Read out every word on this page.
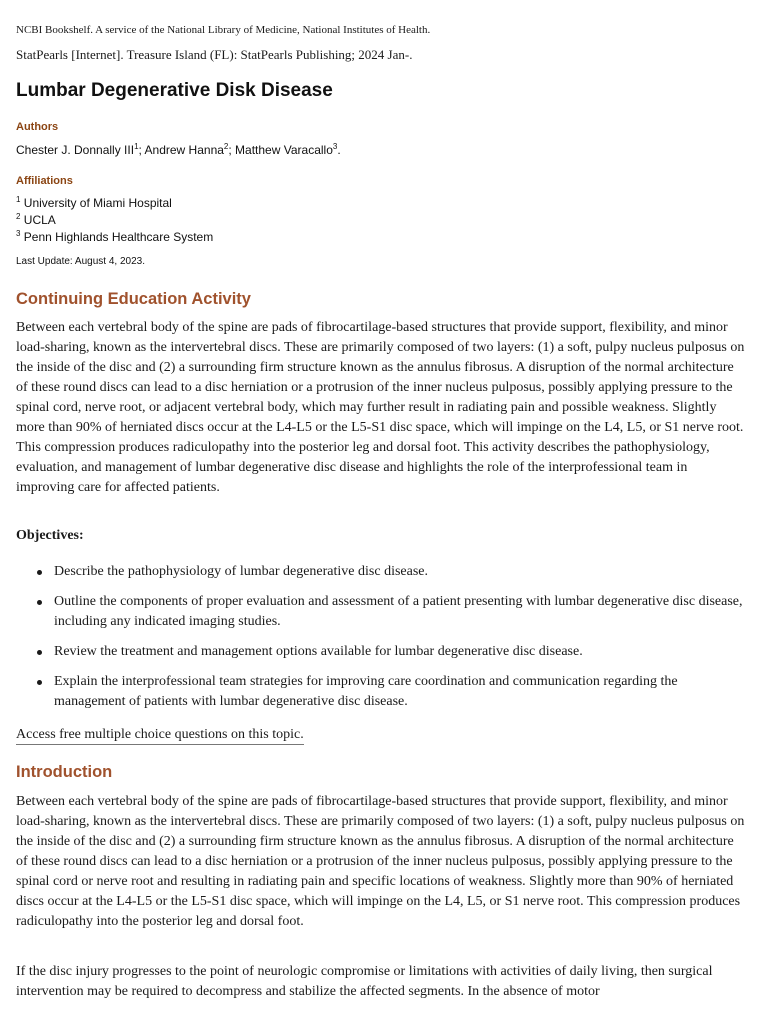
NCBI Bookshelf. A service of the National Library of Medicine, National Institutes of Health.
StatPearls [Internet]. Treasure Island (FL): StatPearls Publishing; 2024 Jan-.
Lumbar Degenerative Disk Disease
Authors
Chester J. Donnally III$^1$; Andrew Hanna$^2$; Matthew Varacallo$^3$.
Affiliations
$^1$ University of Miami Hospital
$^2$ UCLA
$^3$ Penn Highlands Healthcare System
Last Update: August 4, 2023.
Continuing Education Activity

Between each vertebral body of the spine are pads of fibrocartilage-based structures that provide support, flexibility, and minor load-sharing, known as the intervertebral discs. These are primarily composed of two layers: (1) a soft, pulpy nucleus pulposus on the inside of the disc and (2) a surrounding firm structure known as the annulus fibrosus. A disruption of the normal architecture of these round discs can lead to a disc herniation or a protrusion of the inner nucleus pulposus, possibly applying pressure to the spinal cord, nerve root, or adjacent vertebral body, which may further result in radiating pain and possible weakness. Slightly more than 90% of herniated discs occur at the L4-L5 or the L5-S1 disc space, which will impinge on the L4, L5, or S1 nerve root. This compression produces radiculopathy into the posterior leg and dorsal foot. This activity describes the pathophysiology, evaluation, and management of lumbar degenerative disc disease and highlights the role of the interprofessional team in improving care for affected patients.

Objectives:
Describe the pathophysiology of lumbar degenerative disc disease.
Outline the components of proper evaluation and assessment of a patient presenting with lumbar degenerative disc disease, including any indicated imaging studies.
Review the treatment and management options available for lumbar degenerative disc disease.
Explain the interprofessional team strategies for improving care coordination and communication regarding the management of patients with lumbar degenerative disc disease.
Access free multiple choice questions on this topic.
Introduction

Between each vertebral body of the spine are pads of fibrocartilage-based structures that provide support, flexibility, and minor load-sharing, known as the intervertebral discs. These are primarily composed of two layers: (1) a soft, pulpy nucleus pulposus on the inside of the disc and (2) a surrounding firm structure known as the annulus fibrosus. A disruption of the normal architecture of these round discs can lead to a disc herniation or a protrusion of the inner nucleus pulposus, possibly applying pressure to the spinal cord or nerve root and resulting in radiating pain and specific locations of weakness. Slightly more than 90% of herniated discs occur at the L4-L5 or the L5-S1 disc space, which will impinge on the L4, L5, or S1 nerve root. This compression produces radiculopathy into the posterior leg and dorsal foot.

If the disc injury progresses to the point of neurologic compromise or limitations with activities of daily living, then surgical intervention may be required to decompress and stabilize the affected segments. In the absence of motor
